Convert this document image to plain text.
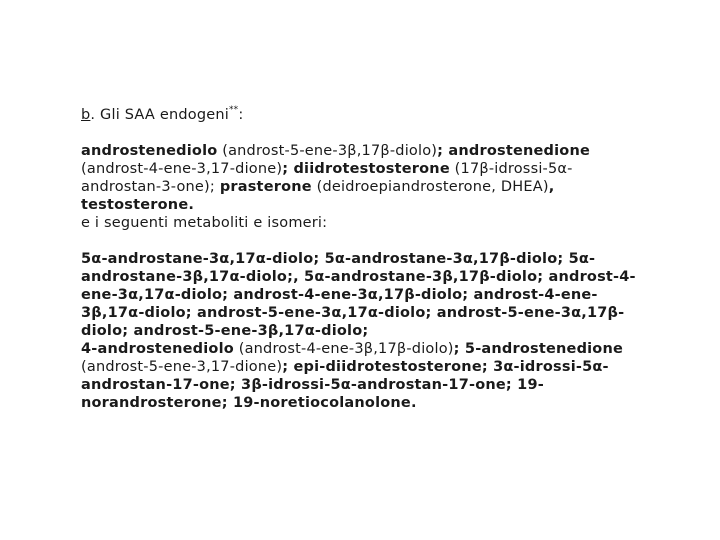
b. Gli SAA endogeni**:

androstenediolo (androst-5-ene-3β,17β-diolo); androstenedione (androst-4-ene-3,17-dione); diidrotestosterone (17β-idrossi-5α-androstan-3-one); prasterone (deidroepiandrosterone, DHEA), testosterone.

e i seguenti metaboliti e isomeri:

5α-androstane-3α,17α-diolo; 5α-androstane-3α,17β-diolo; 5α-androstane-3β,17α-diolo;, 5α-androstane-3β,17β-diolo; androst-4-ene-3α,17α-diolo; androst-4-ene-3α,17β-diolo; androst-4-ene-3β,17α-diolo; androst-5-ene-3α,17α-diolo; androst-5-ene-3α,17β-diolo; androst-5-ene-3β,17α-diolo;

4-androstenediolo (androst-4-ene-3β,17β-diolo); 5-androstenedione (androst-5-ene-3,17-dione); epi-diidrotestosterone; 3α-idrossi-5α-androstan-17-one; 3β-idrossi-5α-androstan-17-one; 19-norandrosterone; 19-noretiocolanolone.
